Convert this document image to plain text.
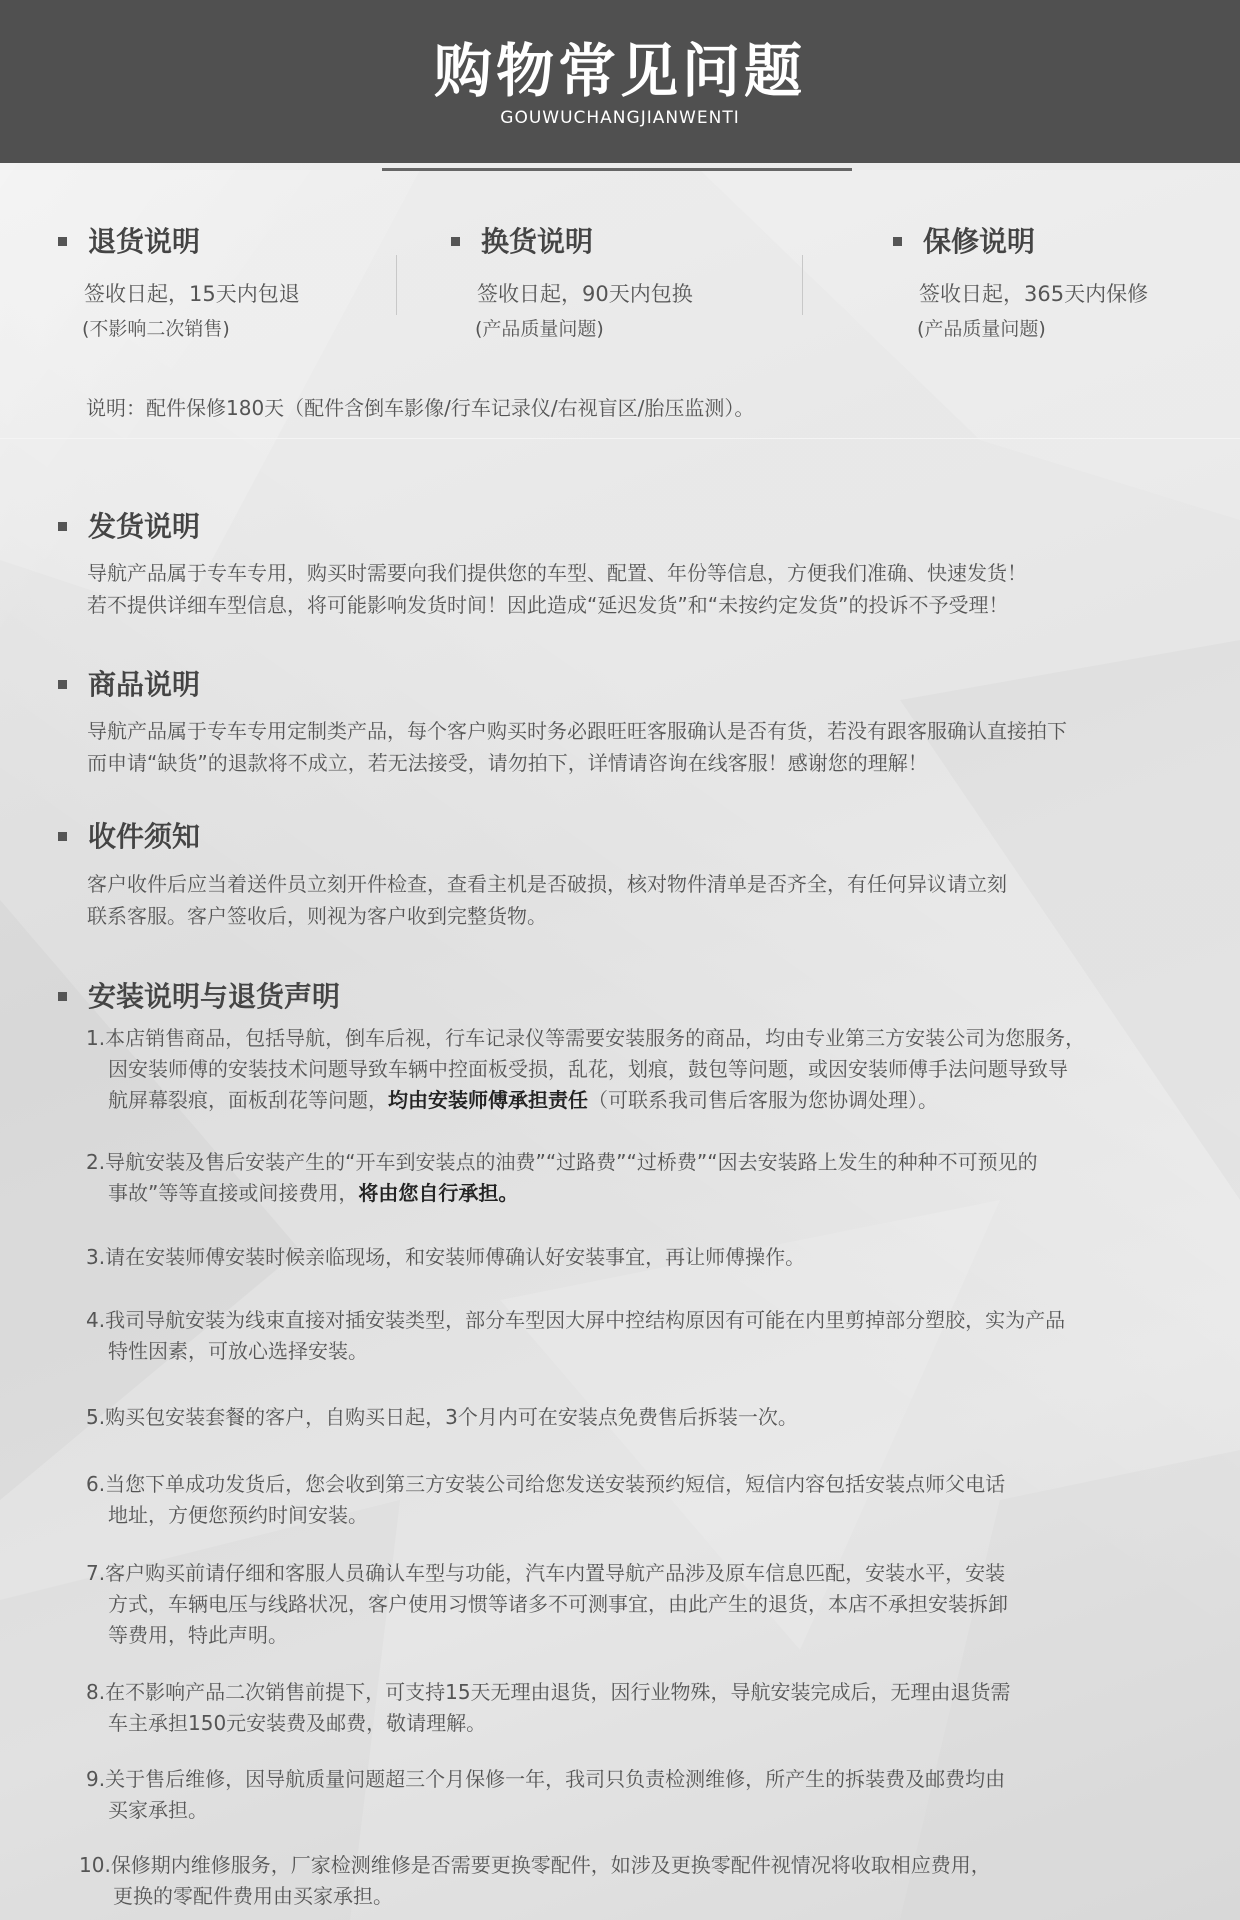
购物常见问题
GOUWUCHANGJIANWENTI
退货说明
签收日起，15天内包退
(不影响二次销售)
换货说明
签收日起，90天内包换
(产品质量问题)
保修说明
签收日起，365天内保修
(产品质量问题)
说明：配件保修180天（配件含倒车影像/行车记录仪/右视盲区/胎压监测）。
发货说明

导航产品属于专车专用，购买时需要向我们提供您的车型、配置、年份等信息，方便我们准确、快速发货！
若不提供详细车型信息，将可能影响发货时间！因此造成“延迟发货”和“未按约定发货”的投诉不予受理！

商品说明

导航产品属于专车专用定制类产品，每个客户购买时务必跟旺旺客服确认是否有货，若没有跟客服确认直接拍下
而申请“缺货”的退款将不成立，若无法接受，请勿拍下，详情请咨询在线客服！感谢您的理解！

收件须知

客户收件后应当着送件员立刻开件检查，查看主机是否破损，核对物件清单是否齐全，有任何异议请立刻
联系客服。客户签收后，则视为客户收到完整货物。

安装说明与退货声明
1.本店销售商品，包括导航，倒车后视，行车记录仪等需要安装服务的商品，均由专业第三方安装公司为您服务，
因安装师傅的安装技术问题导致车辆中控面板受损，乱花，划痕，鼓包等问题，或因安装师傅手法问题导致导
航屏幕裂痕，面板刮花等问题，均由安装师傅承担责任（可联系我司售后客服为您协调处理）。
2.导航安装及售后安装产生的“开车到安装点的油费”“过路费”“过桥费”“因去安装路上发生的种种不可预见的
事故”等等直接或间接费用，将由您自行承担。
3.请在安装师傅安装时候亲临现场，和安装师傅确认好安装事宜，再让师傅操作。
4.我司导航安装为线束直接对插安装类型，部分车型因大屏中控结构原因有可能在内里剪掉部分塑胶，实为产品
特性因素，可放心选择安装。
5.购买包安装套餐的客户，自购买日起，3个月内可在安装点免费售后拆装一次。
6.当您下单成功发货后，您会收到第三方安装公司给您发送安装预约短信，短信内容包括安装点师父电话
地址，方便您预约时间安装。
7.客户购买前请仔细和客服人员确认车型与功能，汽车内置导航产品涉及原车信息匹配，安装水平，安装
方式，车辆电压与线路状况，客户使用习惯等诸多不可测事宜，由此产生的退货，本店不承担安装拆卸
等费用，特此声明。
8.在不影响产品二次销售前提下，可支持15天无理由退货，因行业物殊，导航安装完成后，无理由退货需
车主承担150元安装费及邮费，敬请理解。
9.关于售后维修，因导航质量问题超三个月保修一年，我司只负责检测维修，所产生的拆装费及邮费均由
买家承担。
10.保修期内维修服务，厂家检测维修是否需要更换零配件，如涉及更换零配件视情况将收取相应费用，
更换的零配件费用由买家承担。
